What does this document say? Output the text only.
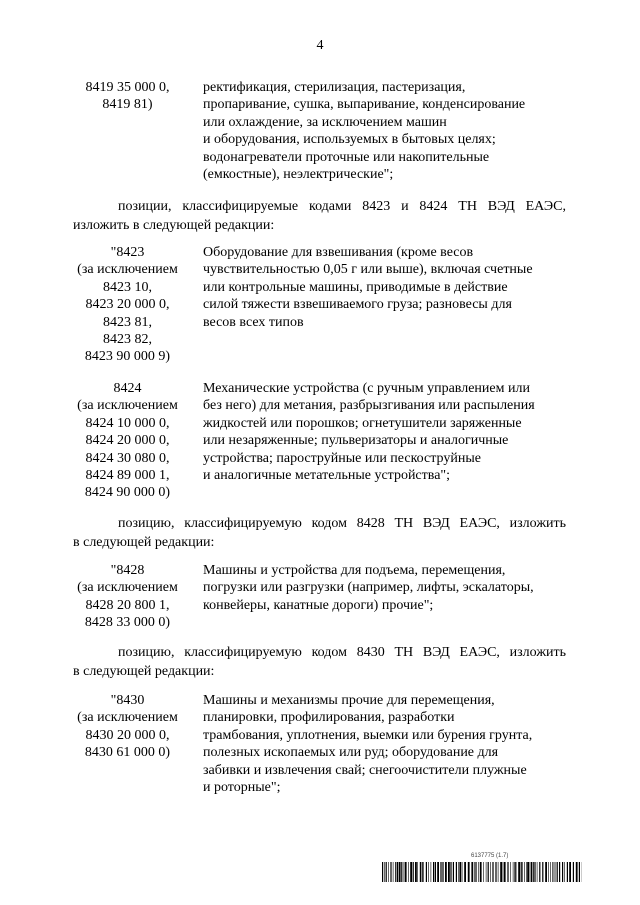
4
8419 35 000 0,
8419 81)
ректификация, стерилизация, пастеризация,
пропаривание, сушка, выпаривание, конденсирование
или охлаждение, за исключением машин
и оборудования, используемых в бытовых целях;
водонагреватели проточные или накопительные
(емкостные), неэлектрические";
позиции, классифицируемые кодами 8423 и 8424 ТН ВЭД ЕАЭС,
изложить в следующей редакции:
"8423
(за исключением
8423 10,
8423 20 000 0,
8423 81,
8423 82,
8423 90 000 9)
Оборудование для взвешивания (кроме весов
чувствительностью 0,05 г или выше), включая счетные
или контрольные машины, приводимые в действие
силой тяжести взвешиваемого груза; разновесы для
весов всех типов
8424
(за исключением
8424 10 000 0,
8424 20 000 0,
8424 30 080 0,
8424 89 000 1,
8424 90 000 0)
Механические устройства (с ручным управлением или
без него) для метания, разбрызгивания или распыления
жидкостей или порошков; огнетушители заряженные
или незаряженные; пульверизаторы и аналогичные
устройства; пароструйные или пескоструйные
и аналогичные метательные устройства";
позицию, классифицируемую кодом 8428 ТН ВЭД ЕАЭС, изложить
в следующей редакции:
"8428
(за исключением
8428 20 800 1,
8428 33 000 0)
Машины и устройства для подъема, перемещения,
погрузки или разгрузки (например, лифты, эскалаторы,
конвейеры, канатные дороги) прочие";
позицию, классифицируемую кодом 8430 ТН ВЭД ЕАЭС, изложить
в следующей редакции:
"8430
(за исключением
8430 20 000 0,
8430 61 000 0)
Машины и механизмы прочие для перемещения,
планировки, профилирования, разработки
трамбования, уплотнения, выемки или бурения грунта,
полезных ископаемых или руд; оборудование для
забивки и извлечения свай; снегоочистители плужные
и роторные";
6137775 (1.7)
